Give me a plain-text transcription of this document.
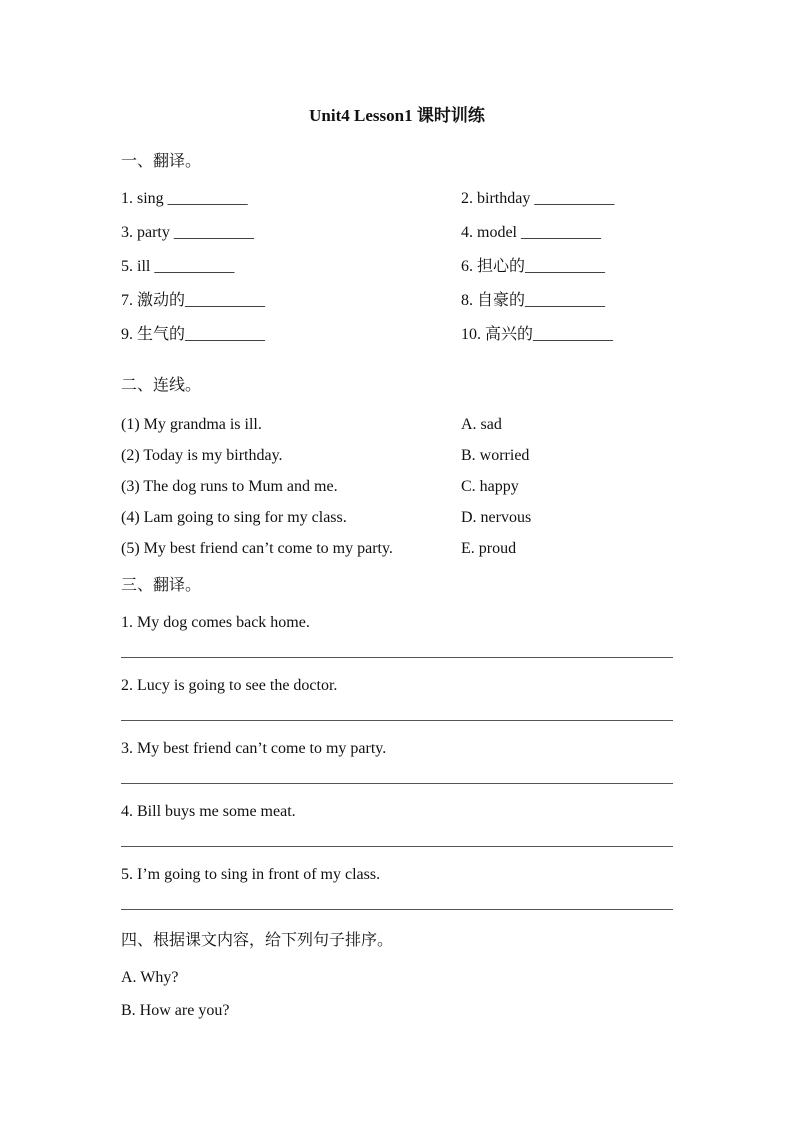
Unit4 Lesson1 课时训练
一、翻译。
1. sing __________	2. birthday __________
3. party __________	4. model __________
5. ill __________	6. 担心的__________
7. 激动的__________	8. 自豪的__________
9. 生气的__________	10. 高兴的__________
二、连线。
(1) My grandma is ill.	A. sad
(2) Today is my birthday.	B. worried
(3) The dog runs to Mum and me.	C. happy
(4) Lam going to sing for my class.	D. nervous
(5) My best friend can’t come to my party.	E. proud
三、翻译。

1. My dog comes back home.

2. Lucy is going to see the doctor.

3. My best friend can’t come to my party.

4. Bill buys me some meat.

5. I’m going to sing in front of my class.

四、根据课文内容，给下列句子排序。

A. Why?

B. How are you?
